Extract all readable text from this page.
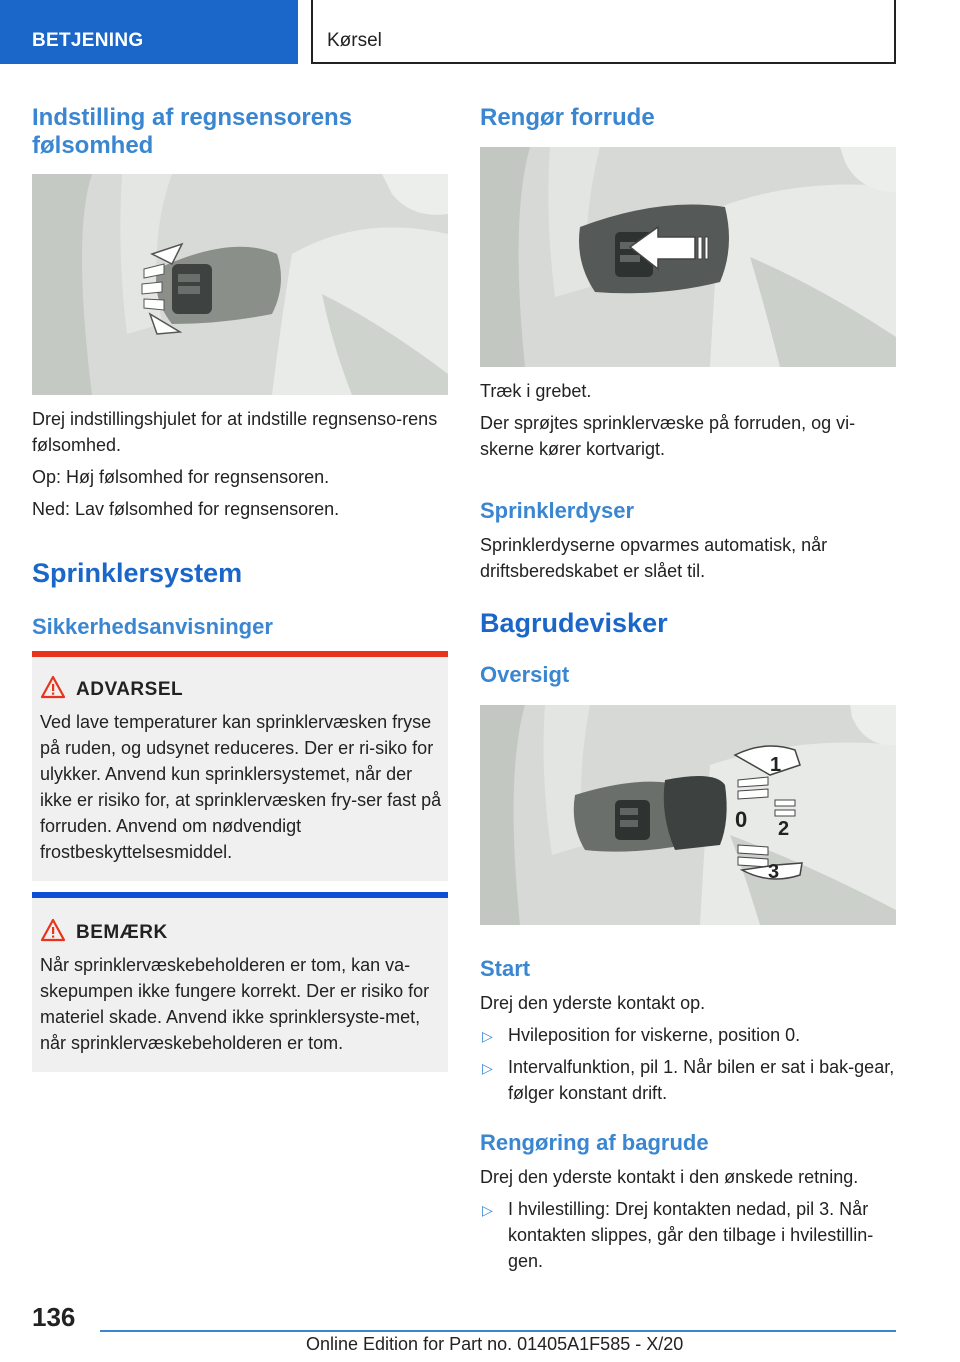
BETJENING	Kørsel
Indstilling af regnsensorens følsomhed

Drej indstillingshjulet for at indstille regnsenso-rens følsomhed.

Op: Høj følsomhed for regnsensoren.

Ned: Lav følsomhed for regnsensoren.

Sprinklersystem
Sikkerhedsanvisninger
ADVARSEL

Ved lave temperaturer kan sprinklervæsken fryse på ruden, og udsynet reduceres. Der er ri-siko for ulykker. Anvend kun sprinklersystemet, når der ikke er risiko for, at sprinklervæsken fry-ser fast på forruden. Anvend om nødvendigt frostbeskyttelsesmiddel.

BEMÆRK

Når sprinklervæskebeholderen er tom, kan va-skepumpen ikke fungere korrekt. Der er risiko for materiel skade. Anvend ikke sprinklersyste-met, når sprinklervæskebeholderen er tom.

Rengør forrude

Træk i grebet.

Der sprøjtes sprinklervæske på forruden, og vi-skerne kører kortvarigt.

Sprinklerdyser

Sprinklerdyserne opvarmes automatisk, når driftsberedskabet er slået til.

Bagrudevisker
Oversigt
1
0 2
3
Start

Drej den yderste kontakt op.

▷ Hvileposition for viskerne, position 0.
▷ Intervalfunktion, pil 1. Når bilen er sat i bak-gear, følger konstant drift.
Rengøring af bagrude

Drej den yderste kontakt i den ønskede retning.

▷ I hvilestilling: Drej kontakten nedad, pil 3. Når kontakten slippes, går den tilbage i hvilestillin-gen.
136
Online Edition for Part no. 01405A1F585 - X/20
